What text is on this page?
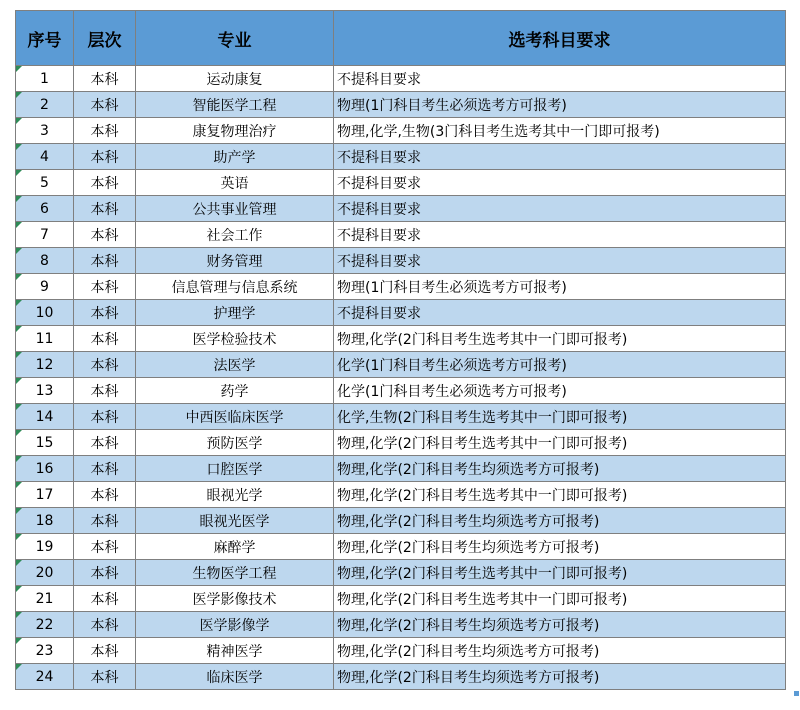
序号	层次	专业	选考科目要求
1	本科	运动康复	不提科目要求
2	本科	智能医学工程	物理(1门科目考生必须选考方可报考)
3	本科	康复物理治疗	物理,化学,生物(3门科目考生选考其中一门即可报考)
4	本科	助产学	不提科目要求
5	本科	英语	不提科目要求
6	本科	公共事业管理	不提科目要求
7	本科	社会工作	不提科目要求
8	本科	财务管理	不提科目要求
9	本科	信息管理与信息系统	物理(1门科目考生必须选考方可报考)
10	本科	护理学	不提科目要求
11	本科	医学检验技术	物理,化学(2门科目考生选考其中一门即可报考)
12	本科	法医学	化学(1门科目考生必须选考方可报考)
13	本科	药学	化学(1门科目考生必须选考方可报考)
14	本科	中西医临床医学	化学,生物(2门科目考生选考其中一门即可报考)
15	本科	预防医学	物理,化学(2门科目考生选考其中一门即可报考)
16	本科	口腔医学	物理,化学(2门科目考生均须选考方可报考)
17	本科	眼视光学	物理,化学(2门科目考生选考其中一门即可报考)
18	本科	眼视光医学	物理,化学(2门科目考生均须选考方可报考)
19	本科	麻醉学	物理,化学(2门科目考生均须选考方可报考)
20	本科	生物医学工程	物理,化学(2门科目考生选考其中一门即可报考)
21	本科	医学影像技术	物理,化学(2门科目考生选考其中一门即可报考)
22	本科	医学影像学	物理,化学(2门科目考生均须选考方可报考)
23	本科	精神医学	物理,化学(2门科目考生均须选考方可报考)
24	本科	临床医学	物理,化学(2门科目考生均须选考方可报考)
